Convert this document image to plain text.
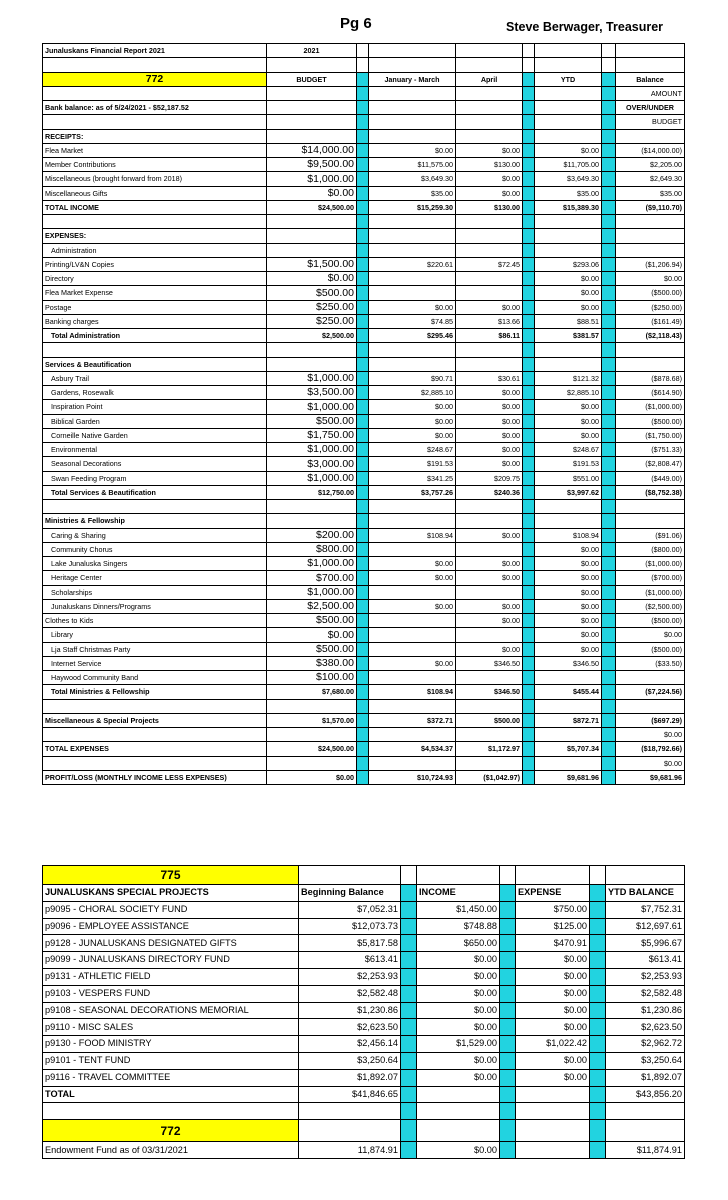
Pg 6	Steve Berwager, Treasurer
Junaluskans Financial Report 2021	2021							

772	BUDGET		January - March	April		YTD		Balance
								AMOUNT
Bank balance: as of 5/24/2021 - $52,187.52								OVER/UNDER
								BUDGET
RECEIPTS:								
Flea Market	$14,000.00		$0.00	$0.00		$0.00		($14,000.00)
Member Contributions	$9,500.00		$11,575.00	$130.00		$11,705.00		$2,205.00
Miscellaneous (brought forward from 2018)	$1,000.00		$3,649.30	$0.00		$3,649.30		$2,649.30
Miscellaneous Gifts	$0.00		$35.00	$0.00		$35.00		$35.00
TOTAL INCOME	$24,500.00		$15,259.30	$130.00		$15,389.30		($9,110.70)

EXPENSES:								
Administration								
Printing/LV&N Copies	$1,500.00		$220.61	$72.45		$293.06		($1,206.94)
Directory	$0.00					$0.00		$0.00
Flea Market Expense	$500.00					$0.00		($500.00)
Postage	$250.00		$0.00	$0.00		$0.00		($250.00)
Banking charges	$250.00		$74.85	$13.66		$88.51		($161.49)
Total Administration	$2,500.00		$295.46	$86.11		$381.57		($2,118.43)

Services & Beautification								
Asbury Trail	$1,000.00		$90.71	$30.61		$121.32		($878.68)
Gardens, Rosewalk	$3,500.00		$2,885.10	$0.00		$2,885.10		($614.90)
Inspiration Point	$1,000.00		$0.00	$0.00		$0.00		($1,000.00)
Biblical Garden	$500.00		$0.00	$0.00		$0.00		($500.00)
Corneille Native Garden	$1,750.00		$0.00	$0.00		$0.00		($1,750.00)
Environmental	$1,000.00		$248.67	$0.00		$248.67		($751.33)
Seasonal Decorations	$3,000.00		$191.53	$0.00		$191.53		($2,808.47)
Swan Feeding Program	$1,000.00		$341.25	$209.75		$551.00		($449.00)
Total Services & Beautification	$12,750.00		$3,757.26	$240.36		$3,997.62		($8,752.38)

Ministries & Fellowship								
Caring & Sharing	$200.00		$108.94	$0.00		$108.94		($91.06)
Community Chorus	$800.00					$0.00		($800.00)
Lake Junaluska Singers	$1,000.00		$0.00	$0.00		$0.00		($1,000.00)
Heritage Center	$700.00		$0.00	$0.00		$0.00		($700.00)
Scholarships	$1,000.00					$0.00		($1,000.00)
Junaluskans Dinners/Programs	$2,500.00		$0.00	$0.00		$0.00		($2,500.00)
Clothes to Kids	$500.00			$0.00		$0.00		($500.00)
Library	$0.00					$0.00		$0.00
Lja Staff Christmas Party	$500.00			$0.00		$0.00		($500.00)
Internet Service	$380.00		$0.00	$346.50		$346.50		($33.50)
Haywood Community Band	$100.00							
Total Ministries & Fellowship	$7,680.00		$108.94	$346.50		$455.44		($7,224.56)

Miscellaneous & Special Projects	$1,570.00		$372.71	$500.00		$872.71		($697.29)
								$0.00
TOTAL EXPENSES	$24,500.00		$4,534.37	$1,172.97		$5,707.34		($18,792.66)
								$0.00
PROFIT/LOSS (MONTHLY INCOME LESS EXPENSES)	$0.00		$10,724.93	($1,042.97)		$9,681.96		$9,681.96
775							
JUNALUSKANS SPECIAL PROJECTS	Beginning Balance		INCOME		EXPENSE		YTD BALANCE
p9095 - CHORAL SOCIETY FUND	$7,052.31		$1,450.00		$750.00		$7,752.31
p9096 - EMPLOYEE ASSISTANCE	$12,073.73		$748.88		$125.00		$12,697.61
p9128 - JUNALUSKANS DESIGNATED GIFTS	$5,817.58		$650.00		$470.91		$5,996.67
p9099 - JUNALUSKANS DIRECTORY FUND	$613.41		$0.00		$0.00		$613.41
p9131 - ATHLETIC FIELD	$2,253.93		$0.00		$0.00		$2,253.93
p9103 - VESPERS FUND	$2,582.48		$0.00		$0.00		$2,582.48
p9108 - SEASONAL DECORATIONS MEMORIAL	$1,230.86		$0.00		$0.00		$1,230.86
p9110 - MISC SALES	$2,623.50		$0.00		$0.00		$2,623.50
p9130 - FOOD MINISTRY	$2,456.14		$1,529.00		$1,022.42		$2,962.72
p9101 - TENT FUND	$3,250.64		$0.00		$0.00		$3,250.64
p9116 - TRAVEL COMMITTEE	$1,892.07		$0.00		$0.00		$1,892.07
TOTAL	$41,846.65						$43,856.20

772							
Endowment Fund as of 03/31/2021	11,874.91		$0.00				$11,874.91
